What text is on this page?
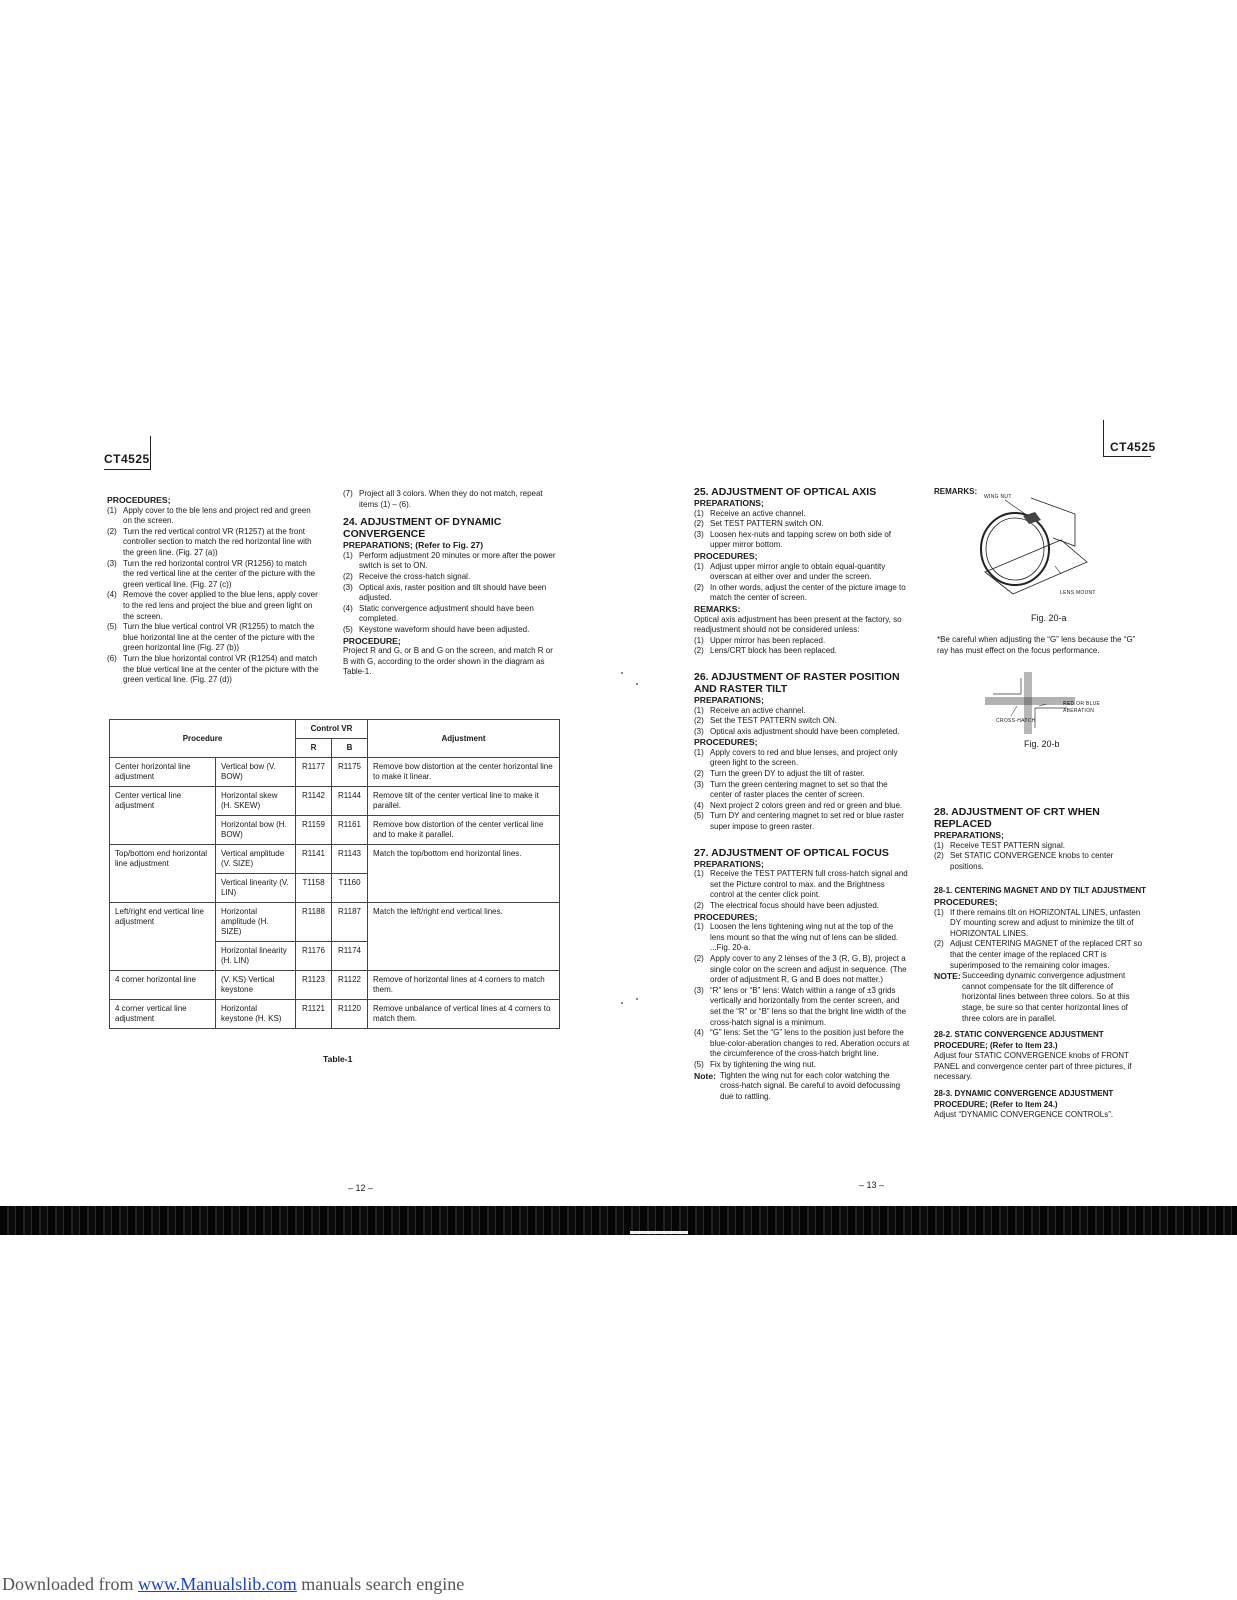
CT4525
CT4525

PROCEDURES;

(1) Apply cover to the ble lens and project red and green on the screen.
(2) Turn the red vertical control VR (R1257) at the front controller section to match the red horizontal line with the green line. (Fig. 27 (a))
(3) Turn the red horizontal control VR (R1256) to match the red vertical line at the center of the picture with the green vertical line. (Fig. 27 (c))
(4) Remove the cover applied to the blue lens, apply cover to the red lens and project the blue and green light on the screen.
(5) Turn the blue vertical control VR (R1255) to match the blue horizontal line at the center of the picture with the green horizontal line (Fig. 27 (b))
(6) Turn the blue horizontal control VR (R1254) and match the blue vertical line at the center of the picture with the green vertical line. (Fig. 27 (d))
(7) Project all 3 colors. When they do not match, repeat items (1) – (6).

24. ADJUSTMENT OF DYNAMIC CONVERGENCE

PREPARATIONS; (Refer to Fig. 27)

(1) Perform adjustment 20 minutes or more after the power switch is set to ON.
(2) Receive the cross-hatch signal.
(3) Optical axis, raster position and tilt should have been adjusted.
(4) Static convergence adjustment should have been completed.
(5) Keystone waveform should have been adjusted.

PROCEDURE;

Project R and G, or B and G on the screen, and match R or B with G, according to the order shown in the diagram as Table-1.

Procedure		Control VR		Adjustment
		R	B	
Center horizontal line adjustment	Vertical bow (V. BOW)	R1177	R1175	Remove bow distortion at the center horizontal line to make it linear.
Center vertical line adjustment	Horizontal skew (H. SKEW)	R1142	R1144	Remove tilt of the center vertical line to make it parallel.
	Horizontal bow (H. BOW)	R1159	R1161	Remove bow distortion of the center vertical line and to make it parallel.
Top/bottom end horizontal line adjustment	Vertical amplitude (V. SIZE)	R1141	R1143	Match the top/bottom end horizontal lines.
	Vertical linearity (V. LIN)	T1158	T1160	
Left/right end vertical line adjustment	Horizontal amplitude (H. SIZE)	R1188	R1187	Match the left/right end vertical lines.
	Horizontal linearity (H. LIN)	R1176	R1174	
4 corner horizontal line	(V. KS) Vertical keystone	R1123	R1122	Remove of horizontal lines at 4 corners to match them.
4 corner vertical line adjustment	Horizontal keystone (H. KS)	R1121	R1120	Remove unbalance of vertical lines at 4 corners to match them.
Table-1

25. ADJUSTMENT OF OPTICAL AXIS

PREPARATIONS;

(1) Receive an active channel.
(2) Set TEST PATTERN switch ON.
(3) Loosen hex-nuts and tapping screw on both side of upper mirror bottom.

PROCEDURES;

(1) Adjust upper mirror angle to obtain equal-quantity overscan at either over and under the screen.
(2) In other words, adjust the center of the picture image to match the center of screen.

REMARKS:

Optical axis adjustment has been present at the factory, so readjustment should not be considered unless:

(1) Upper mirror has been replaced.
(2) Lens/CRT block has been replaced.

26. ADJUSTMENT OF RASTER POSITION AND RASTER TILT

PREPARATIONS;

(1) Receive an active channel.
(2) Set the TEST PATTERN switch ON.
(3) Optical axis adjustment should have been completed.

PROCEDURES;

(1) Apply covers to red and blue lenses, and project only green light to the screen.
(2) Turn the green DY to adjust the tilt of raster.
(3) Turn the green centering magnet to set so that the center of raster places the center of screen.
(4) Next project 2 colors green and red or green and blue.
(5) Turn DY and centering magnet to set red or blue raster super impose to green raster.

27. ADJUSTMENT OF OPTICAL FOCUS

PREPARATIONS;

(1) Receive the TEST PATTERN full cross-hatch signal and set the Picture control to max. and the Brightness control at the center click point.
(2) The electrical focus should have been adjusted.

PROCEDURES;

(1) Loosen the lens tightening wing nut at the top of the lens mount so that the wing nut of lens can be slided. ...Fig. 20-a.
(2) Apply cover to any 2 lenses of the 3 (R, G, B), project a single color on the screen and adjust in sequence. (The order of adjustment R, G and B does not matter.)
(3) “R” lens or “B” lens: Watch within a range of ±3 grids vertically and horizontally from the center screen, and set the “R” or “B” lens so that the bright line width of the cross-hatch signal is a minimum.
(4) “G” lens: Set the “G” lens to the position just before the blue-color-aberation changes to red. Aberation occurs at the circumference of the cross-hatch bright line.
(5) Fix by tightening the wing nut.
Note: Tighten the wing nut for each color watching the cross-hatch signal. Be careful to avoid defocussing due to rattling.
REMARKS:
WING NUT
LENS MOUNT
Fig. 20-a

*Be careful when adjusting the “G” lens because the “G” ray has must effect on the focus performance.

RED OR BLUE
ABERATION
CROSS-HATCH
Fig. 20-b

28. ADJUSTMENT OF CRT WHEN REPLACED

PREPARATIONS;

(1) Receive TEST PATTERN signal.
(2) Set STATIC CONVERGENCE knobs to center positions.

28-1. CENTERING MAGNET AND DY TILT ADJUSTMENT

PROCEDURES;

(1) If there remains tilt on HORIZONTAL LINES, unfasten DY mounting screw and adjust to minimize the tilt of HORIZONTAL LINES.
(2) Adjust CENTERING MAGNET of the replaced CRT so that the center image of the replaced CRT is superimposed to the remaining color images.
NOTE: Succeeding dynamic convergence adjustment cannot compensate for the tilt difference of horizontal lines between three colors. So at this stage, be sure so that center horizontal lines of three colors are in parallel.

28-2. STATIC CONVERGENCE ADJUSTMENT

PROCEDURE; (Refer to Item 23.)

Adjust four STATIC CONVERGENCE knobs of FRONT PANEL and convergence center part of three pictures, if necessary.

28-3. DYNAMIC CONVERGENCE ADJUSTMENT

PROCEDURE; (Refer to Item 24.)

Adjust “DYNAMIC CONVERGENCE CONTROLs”.

– 12 –	– 13 –
Downloaded from www.Manualslib.com manuals search engine
